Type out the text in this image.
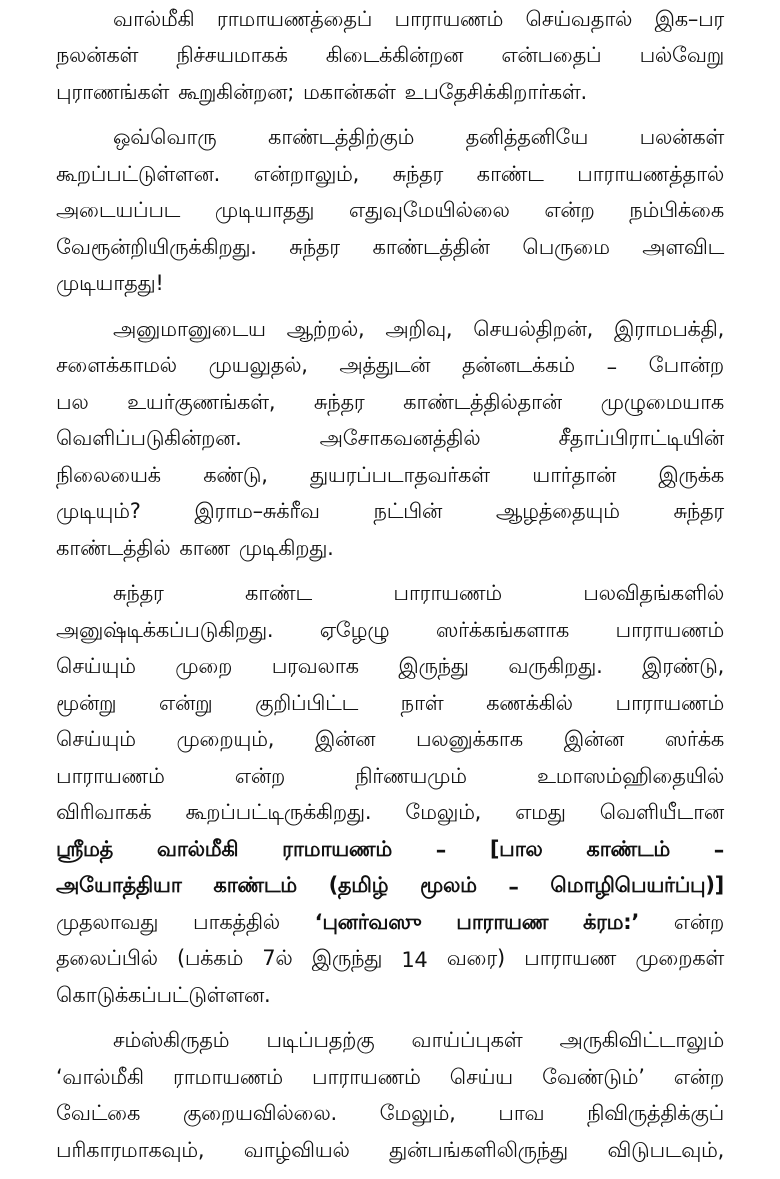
வால்மீகி ராமாயணத்தைப் பாராயணம் செய்வதால் இக–பர
நலன்கள் நிச்சயமாகக் கிடைக்கின்றன என்பதைப் பல்வேறு
புராணங்கள் கூறுகின்றன; மகான்கள் உபதேசிக்கிறார்கள்.
ஒவ்வொரு காண்டத்திற்கும் தனித்தனியே பலன்கள்
கூறப்பட்டுள்ளன. என்றாலும், சுந்தர காண்ட பாராயணத்தால்
அடையப்பட முடியாதது எதுவுமேயில்லை என்ற நம்பிக்கை
வேரூன்றியிருக்கிறது. சுந்தர காண்டத்தின் பெருமை அளவிட
முடியாதது!
அனுமானுடைய ஆற்றல், அறிவு, செயல்திறன், இராமபக்தி,
சளைக்காமல் முயலுதல், அத்துடன் தன்னடக்கம் – போன்ற
பல உயர்குணங்கள், சுந்தர காண்டத்தில்தான் முழுமையாக
வெளிப்படுகின்றன.	அசோகவனத்தில்	சீதாப்பிராட்டியின்
நிலையைக் கண்டு, துயரப்படாதவர்கள் யார்தான் இருக்க
முடியும்?	இராம–சுக்ரீவ	நட்பின்	ஆழத்தையும்	சுந்தர
காண்டத்தில் காண முடிகிறது.
சுந்தர	காண்ட	பாராயணம்	பலவிதங்களில்
அனுஷ்டிக்கப்படுகிறது. ஏழேழு ஸர்க்கங்களாக பாராயணம்
செய்யும் முறை பரவலாக இருந்து வருகிறது. இரண்டு,
மூன்று என்று குறிப்பிட்ட நாள் கணக்கில் பாராயணம்
செய்யும் முறையும், இன்ன பலனுக்காக இன்ன ஸர்க்க
பாராயணம்	என்ற	நிர்ணயமும்	உமாஸம்ஹிதையில்
விரிவாகக் கூறப்பட்டிருக்கிறது. மேலும், எமது வெளியீடான
ஸ்ரீமத் வால்மீகி ராமாயணம் – [பால காண்டம் –
அயோத்தியா காண்டம் (தமிழ் மூலம் – மொழிபெயர்ப்பு)]
முதலாவது பாகத்தில் ‘புனர்வஸு பாராயண க்ரம:’ என்ற
தலைப்பில் (பக்கம் 7ல் இருந்து 14 வரை) பாராயண முறைகள்
கொடுக்கப்பட்டுள்ளன.
சம்ஸ்கிருதம் படிப்பதற்கு வாய்ப்புகள் அருகிவிட்டாலும்
‘வால்மீகி ராமாயணம் பாராயணம் செய்ய வேண்டும்’ என்ற
வேட்கை குறையவில்லை. மேலும், பாவ நிவிருத்திக்குப்
பரிகாரமாகவும், வாழ்வியல் துன்பங்களிலிருந்து விடுபடவும்,
